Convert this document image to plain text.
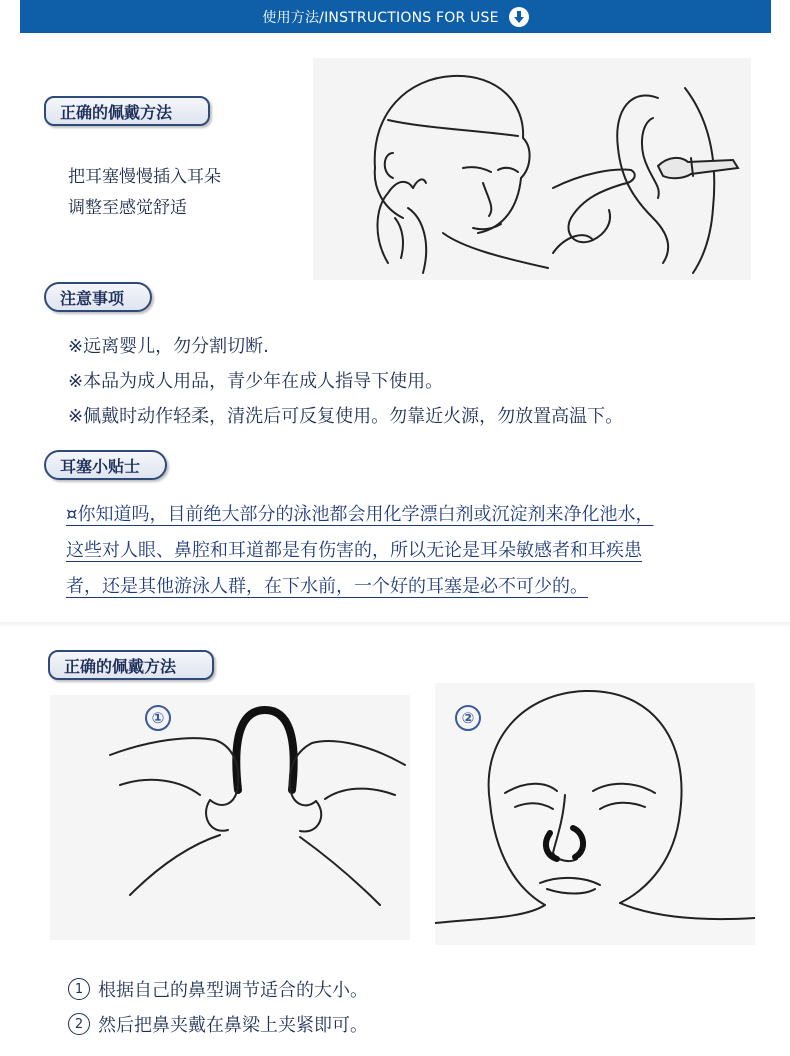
使用方法/INSTRUCTIONS FOR USE
正确的佩戴方法
把耳塞慢慢插入耳朵
调整至感觉舒适
注意事项
※远离婴儿，勿分割切断.
※本品为成人用品，青少年在成人指导下使用。
※佩戴时动作轻柔，清洗后可反复使用。勿靠近火源，勿放置高温下。
耳塞小贴士
¤你知道吗，目前绝大部分的泳池都会用化学漂白剂或沉淀剂来净化池水，
这些对人眼、鼻腔和耳道都是有伤害的，所以无论是耳朵敏感者和耳疾患
者，还是其他游泳人群，在下水前，一个好的耳塞是必不可少的。
正确的佩戴方法
①	②
1 根据自己的鼻型调节适合的大小。
2 然后把鼻夹戴在鼻梁上夹紧即可。
